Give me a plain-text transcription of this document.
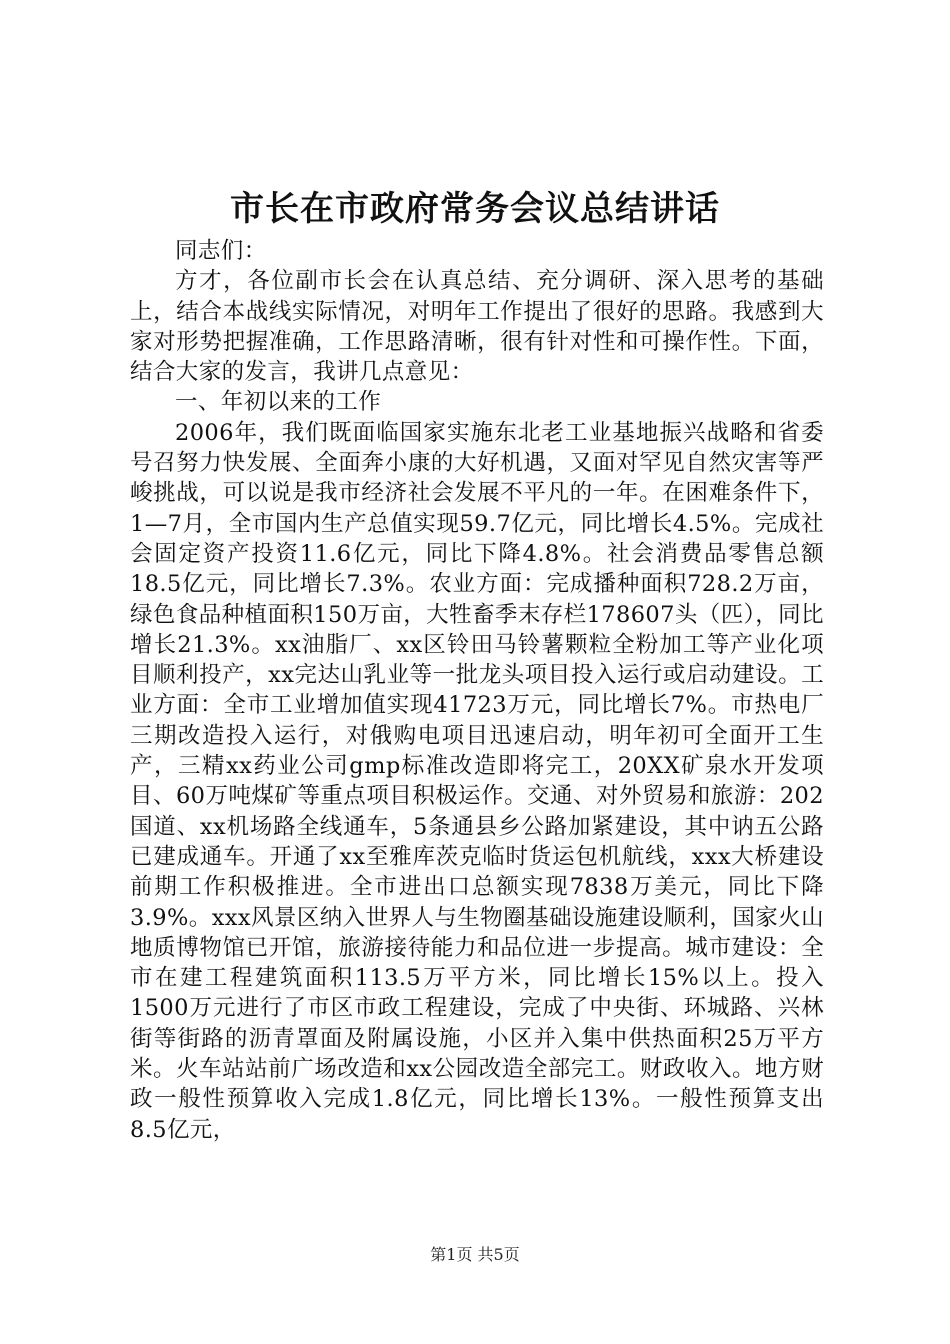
市长在市政府常务会议总结讲话

同志们：

方才，各位副市长会在认真总结、充分调研、深入思考的基础上，结合本战线实际情况，对明年工作提出了很好的思路。我感到大家对形势把握准确，工作思路清晰，很有针对性和可操作性。下面，结合大家的发言，我讲几点意见：

一、年初以来的工作

2006年，我们既面临国家实施东北老工业基地振兴战略和省委号召努力快发展、全面奔小康的大好机遇，又面对罕见自然灾害等严峻挑战，可以说是我市经济社会发展不平凡的一年。在困难条件下，1—7月，全市国内生产总值实现59.7亿元，同比增长4.5%。完成社会固定资产投资11.6亿元，同比下降4.8%。社会消费品零售总额18.5亿元，同比增长7.3%。农业方面：完成播种面积728.2万亩，绿色食品种植面积150万亩，大牲畜季末存栏178607头（匹），同比增长21.3%。xx油脂厂、xx区铃田马铃薯颗粒全粉加工等产业化项目顺利投产，xx完达山乳业等一批龙头项目投入运行或启动建设。工业方面：全市工业增加值实现41723万元，同比增长7%。市热电厂三期改造投入运行，对俄购电项目迅速启动，明年初可全面开工生产，三精xx药业公司gmp标准改造即将完工，20XX矿泉水开发项目、60万吨煤矿等重点项目积极运作。交通、对外贸易和旅游：202国道、xx机场路全线通车，5条通县乡公路加紧建设，其中讷五公路已建成通车。开通了xx至雅库茨克临时货运包机航线，xxx大桥建设前期工作积极推进。全市进出口总额实现7838万美元，同比下降3.9%。xxx风景区纳入世界人与生物圈基础设施建设顺利，国家火山地质博物馆已开馆，旅游接待能力和品位进一步提高。城市建设：全市在建工程建筑面积113.5万平方米，同比增长15%以上。投入1500万元进行了市区市政工程建设，完成了中央街、环城路、兴林街等街路的沥青罩面及附属设施，小区并入集中供热面积25万平方米。火车站站前广场改造和xx公园改造全部完工。财政收入。地方财政一般性预算收入完成1.8亿元，同比增长13%。一般性预算支出8.5亿元，

第1页 共5页
